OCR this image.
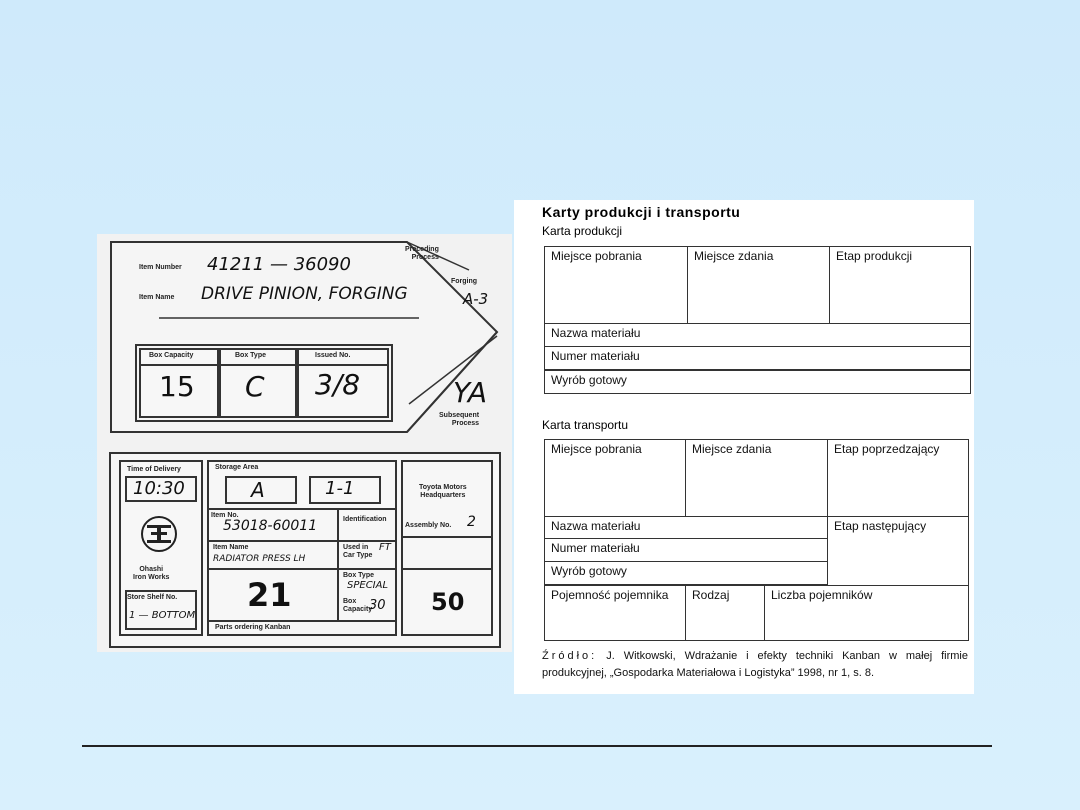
Item Number 41211 — 36090
Item Name DRIVE PINION, FORGING
Preceding
Process
Forging
A-3
Box Capacity	Box Type	Issued No.
15 C 3/8	YA
Subsequent
Process
Time of Delivery
10:30
Ohashi
Iron Works
Store Shelf No.
1 — BOTTOM
Storage Area
A	1-1
Item No.
53018-60011	Identification
Item Name
RADIATOR PRESS LH
Used in
Car Type
FT
21
Box Type
SPECIAL
Box
Capacity
30
Parts ordering Kanban
Toyota Motors
Headquarters
Assembly No. 2
50
Karty produkcji i transportu
Karta produkcji
Miejsce pobrania	Miejsce zdania	Etap produkcji
Nazwa materiału
Numer materiału
Wyrób gotowy
Karta transportu
Miejsce pobrania	Miejsce zdania	Etap poprzedzający
Nazwa materiału	Etap następujący
Numer materiału
Wyrób gotowy
Pojemność pojemnika	Rodzaj	Liczba pojemników
Źródło: J. Witkowski, Wdrażanie i efekty techniki Kanban w małej firmie produkcyjnej, „Gospodarka Materiałowa i Logistyka” 1998, nr 1, s. 8.
